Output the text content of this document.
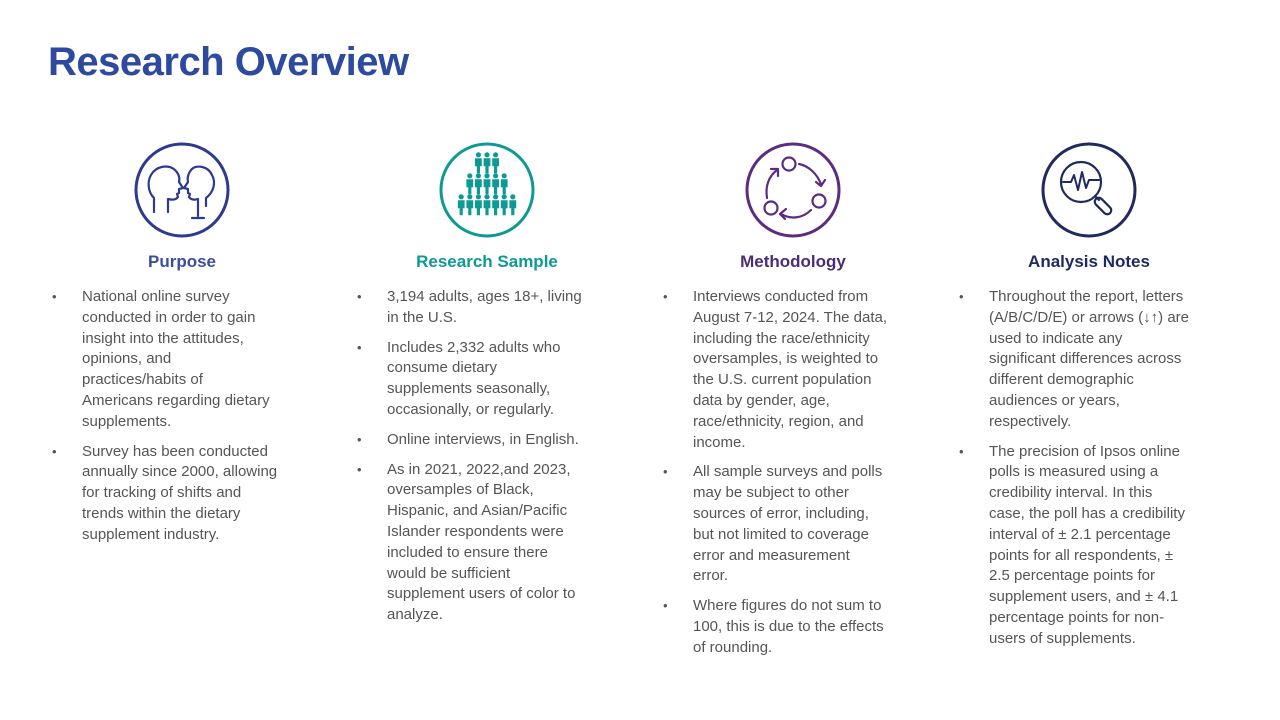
Research Overview
Purpose
• National online survey
conducted in order to gain
insight into the attitudes,
opinions, and
practices/habits of
Americans regarding dietary
supplements.
• Survey has been conducted
annually since 2000, allowing
for tracking of shifts and
trends within the dietary
supplement industry.
Research Sample
• 3,194 adults, ages 18+, living
in the U.S.
• Includes 2,332 adults who
consume dietary
supplements seasonally,
occasionally, or regularly.
• Online interviews, in English.
• As in 2021, 2022,and 2023,
oversamples of Black,
Hispanic, and Asian/Pacific
Islander respondents were
included to ensure there
would be sufficient
supplement users of color to
analyze.
Methodology
• Interviews conducted from
August 7-12, 2024. The data,
including the race/ethnicity
oversamples, is weighted to
the U.S. current population
data by gender, age,
race/ethnicity, region, and
income.
• All sample surveys and polls
may be subject to other
sources of error, including,
but not limited to coverage
error and measurement
error.
• Where figures do not sum to
100, this is due to the effects
of rounding.
Analysis Notes
• Throughout the report, letters
(A/B/C/D/E) or arrows (↓↑) are
used to indicate any
significant differences across
different demographic
audiences or years,
respectively.
• The precision of Ipsos online
polls is measured using a
credibility interval. In this
case, the poll has a credibility
interval of ± 2.1 percentage
points for all respondents, ±
2.5 percentage points for
supplement users, and ± 4.1
percentage points for non-
users of supplements.
